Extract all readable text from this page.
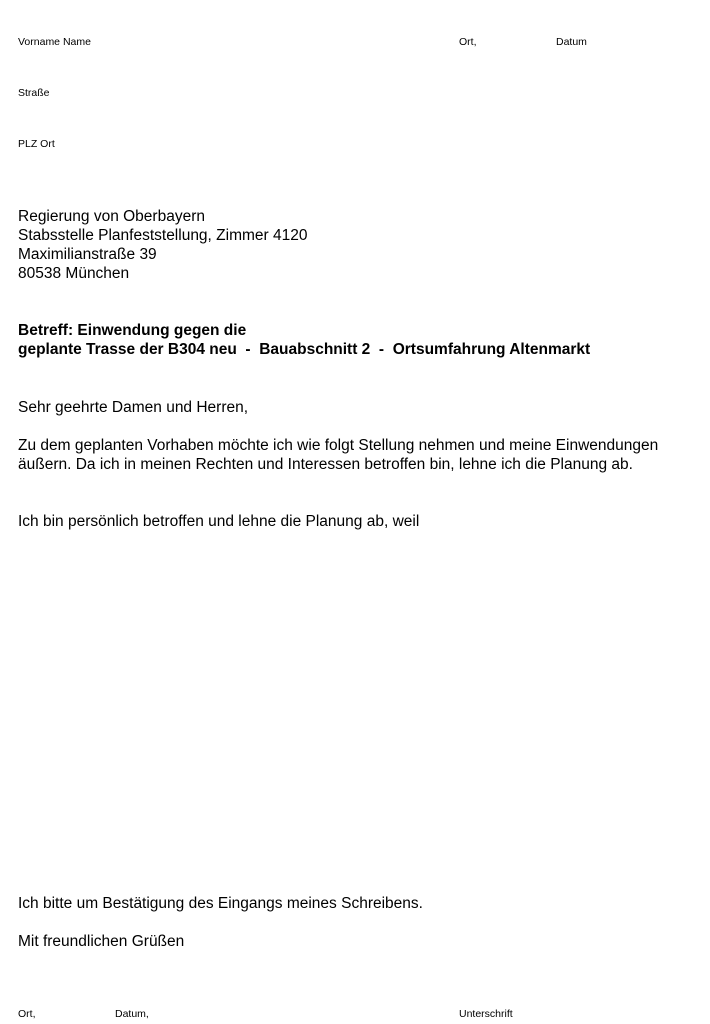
Vorname Name	Ort,	Datum
Straße
PLZ Ort
Regierung von Oberbayern
Stabsstelle Planfeststellung, Zimmer 4120
Maximilianstraße 39
80538 München
Betreff: Einwendung gegen die
geplante Trasse der B304 neu  -  Bauabschnitt 2  -  Ortsumfahrung Altenmarkt
Sehr geehrte Damen und Herren,
Zu dem geplanten Vorhaben möchte ich wie folgt Stellung nehmen und meine Einwendungen äußern. Da ich in meinen Rechten und Interessen betroffen bin, lehne ich die Planung ab.
Ich bin persönlich betroffen und lehne die Planung ab, weil
Ich bitte um Bestätigung des Eingangs meines Schreibens.
Mit freundlichen Grüßen
Ort,	Datum,	Unterschrift
